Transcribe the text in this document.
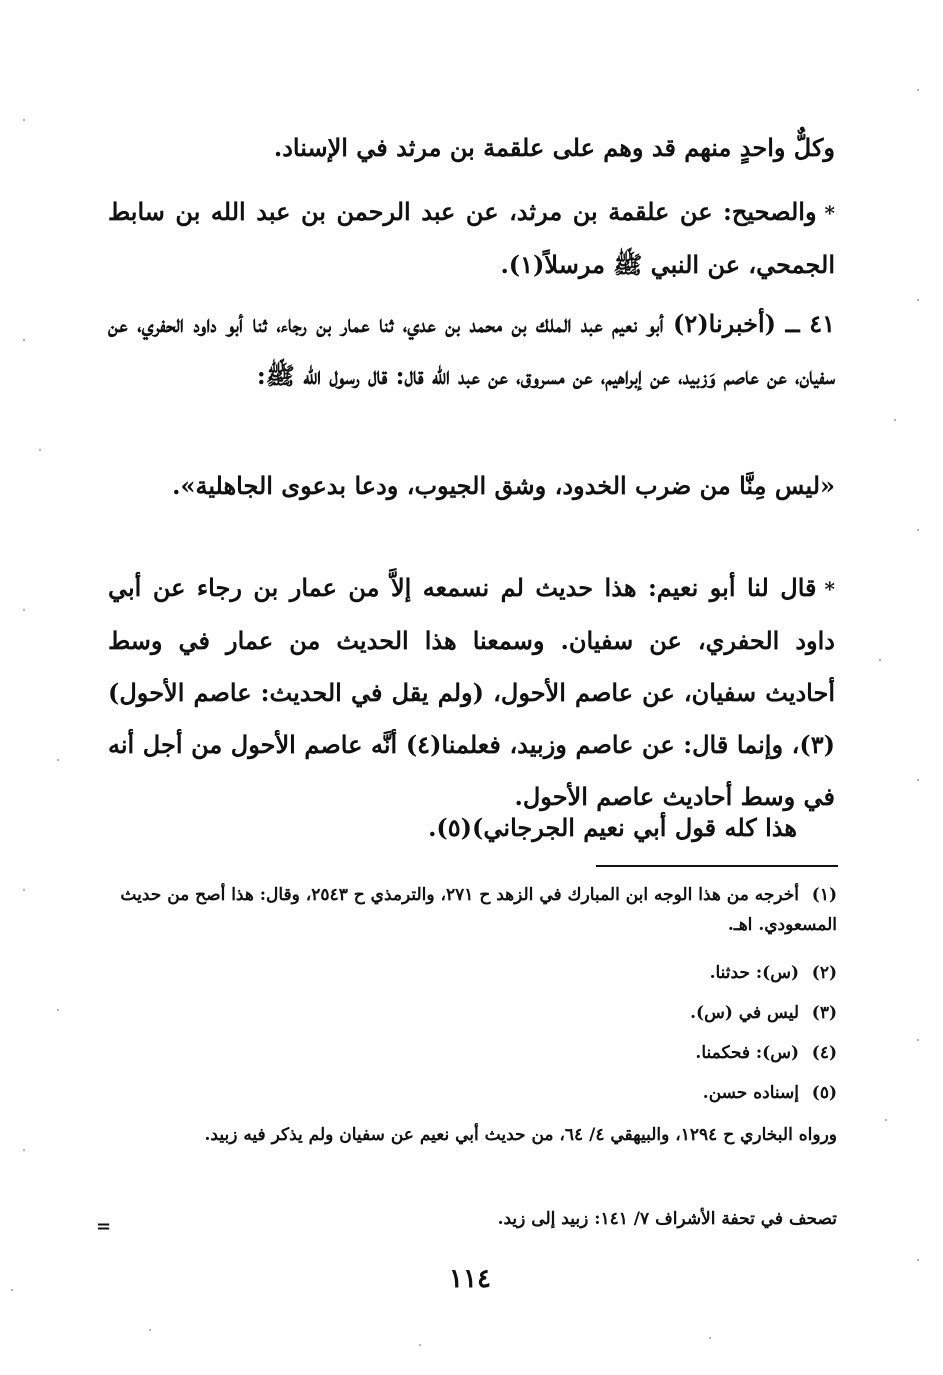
وكلٌّ واحدٍ منهم قد وهم على علقمة بن مرثد في الإسناد.

*والصحيح: عن علقمة بن مرثد، عن عبد الرحمن بن عبد الله بن سابط الجمحي، عن النبي ﷺ مرسلاً(١).

٤١ ــ (أخبرنا(٢) أبو نعيم عبد الملك بن محمد بن عدي، ثنا عمار بن رجاء، ثنا أبو داود الحفري، عن سفيان، عن عاصم وَزبيد، عن إبراهيم، عن مسروق، عن عبد الله قال: قال رسول الله ﷺ:

«ليس مِنَّا من ضرب الخدود، وشق الجيوب، ودعا بدعوى الجاهلية».

*قال لنا أبو نعيم: هذا حديث لم نسمعه إلاَّ من عمار بن رجاء عن أبي داود الحفري، عن سفيان. وسمعنا هذا الحديث من عمار في وسط أحاديث سفيان، عن عاصم الأحول، (ولم يقل في الحديث: عاصم الأحول)(٣)، وإنما قال: عن عاصم وزبيد، فعلمنا(٤) أنَّه عاصم الأحول من أجل أنه في وسط أحاديث عاصم الأحول.

هذا كله قول أبي نعيم الجرجاني)(٥).

(١)أخرجه من هذا الوجه ابن المبارك في الزهد ح ٢٧١، والترمذي ح ٢٥٤٣، وقال: هذا أصح من حديث المسعودي. اهـ.

(٢)(س): حدثنا.

(٣)ليس في (س).

(٤)(س): فحكمنا.

(٥)إسناده حسن.

ورواه البخاري ح ١٢٩٤، والبيهقي ٤/ ٦٤، من حديث أبي نعيم عن سفيان ولم يذكر فيه زبيد.

تصحف في تحفة الأشراف ٧/ ١٤١: زبيد إلى زيد.

=
١١٤
